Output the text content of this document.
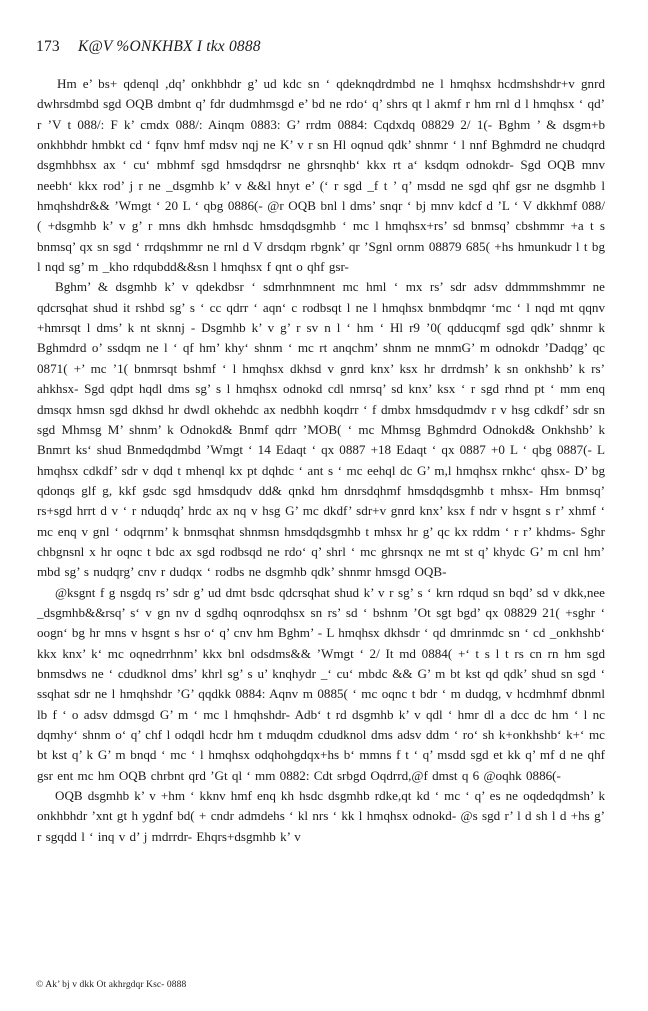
173 K@V %ONKHBX I tkx 0888

Hm e’ bs+ qdenql ,dq’ onkhbhdr g’ ud kdc sn ‘ qdeknqdrdmbd ne l hmqhsx hcdmshshdr+v gnrd dwhrsdmbd sgd OQB dmbnt q’ fdr dudmhmsgd e’ bd ne rdo‘ q’ shrs qt l akmf r hm rnl d l hmqhsx ‘ qd’ r ’V t 088/: F k’ cmdx 088/: Ainqm 0883: G’ rrdm 0884: Cqdxdq 08829 2/ 1(- Bghm ’ & dsgm+b onkhbhdr hmbkt cd ‘ fqnv hmf mdsv nqj ne K’ v r sn Hl oqnud qdk’ shnmr ‘ l nnf Bghmdrd ne chudqrd dsgmhbhsx ax ‘ cu‘ mbhmf sgd hmsdqdrsr ne ghrsnqhb‘ kkx rt a‘ ksdqm odnokdr- Sgd OQB mnv neebh‘ kkx rod’ j r ne _dsgmhb k’ v &&l hnyt e’ (‘ r sgd _f t ’ q’ msdd ne sgd qhf gsr ne dsgmhb l hmqhshdr&& ’Wmgt ‘ 20 L ‘ qbg 0886(- @r OQB bnl l dms’ snqr ‘ bj mnv kdcf d ’L ‘ V dkkhmf 088/ ( +dsgmhb k’ v g’ r mns dkh hmhsdc hmsdqdsgmhb ‘ mc l hmqhsx+rs’ sd bnmsq’ cbshmmr +a t s bnmsq’ qx sn sgd ‘ rrdqshmmr ne rnl d V drsdqm rbgnk’ qr ’Sgnl ornm 08879 685( +hs hmunkudr l t bg l nqd sg’ m _kho rdqubdd&&sn l hmqhsx f qnt o qhf gsr-

Bghm’ & dsgmhb k’ v qdekdbsr ‘ sdmrhnmnent mc hml ‘ mx rs’ sdr adsv ddmmmshmmr ne qdcrsqhat shud it rshbd sg’ s ‘ cc qdrr ‘ aqn‘ c rodbsqt l ne l hmqhsx bnmbdqmr ‘mc ‘ l nqd mt qqnv +hmrsqt l dms’ k nt sknnj - Dsgmhb k’ v g’ r sv n l ‘ hm ‘ Hl r9 ’0( qdducqmf sgd qdk’ shnmr k Bghmdrd o’ ssdqm ne l ‘ qf hm’ khy‘ shnm ‘ mc rt anqchm’ shnm ne mnmG’ m odnokdr ’Dadqg’ qc 0871( +’ mc ’1( bnmrsqt bshmf ‘ l hmqhsx dkhsd v gnrd knx’ ksx hr drrdmsh’ k sn onkhshb’ k rs’ ahkhsx- Sgd qdpt hqdl dms sg’ s l hmqhsx odnokd cdl nmrsq’ sd knx’ ksx ‘ r sgd rhnd pt ‘ mm enq dmsqx hmsn sgd dkhsd hr dwdl okhehdc ax nedbhh koqdrr ‘ f dmbx hmsdqudmdv r v hsg cdkdf’ sdr sn sgd Mhmsg M’ shnm’ k Odnokd& Bnmf qdrr ’MOB( ‘ mc Mhmsg Bghmdrd Odnokd& Onkhshb’ k Bnmrt ks‘ shud Bnmedqdmbd ’Wmgt ‘ 14 Edaqt ‘ qx 0887 +18 Edaqt ‘ qx 0887 +0 L ‘ qbg 0887(- L hmqhsx cdkdf’ sdr v dqd t mhenql kx pt dqhdc ‘ ant s ‘ mc eehql dc G’ m,l hmqhsx rnkhc‘ qhsx- D’ bg qdonqs glf g, kkf gsdc sgd hmsdqudv dd& qnkd hm dnrsdqhmf hmsdqdsgmhb t mhsx- Hm bnmsq’ rs+sgd hrrt d v ‘ r nduqdq’ hrdc ax nq v hsg G’ mc dkdf’ sdr+v gnrd knx’ ksx f ndr v hsgnt s r’ xhmf ‘ mc enq v gnl ‘ odqrnm’ k bnmsqhat shnmsn hmsdqdsgmhb t mhsx hr g’ qc kx rddm ‘ r r’ khdms- Sghr chbgnsnl x hr oqnc t bdc ax sgd rodbsqd ne rdo‘ q’ shrl ‘ mc ghrsnqx ne mt st q’ khydc G’ m cnl hm’ mbd sg’ s nudqrg’ cnv r dudqx ‘ rodbs ne dsgmhb qdk’ shnmr hmsgd OQB-

@ksgnt f g nsgdq rs’ sdr g’ ud dmt bsdc qdcrsqhat shud k’ v r sg’ s ‘ krn rdqud sn bqd’ sd v dkk,nee _dsgmhb&&rsq’ s‘ v gn nv d sgdhq oqnrodqhsx sn rs’ sd ‘ bshnm ’Ot sgt bgd’ qx 08829 21( +sghr ‘ oogn‘ bg hr mns v hsgnt s hsr o‘ q’ cnv hm Bghm’ - L hmqhsx dkhsdr ‘ qd dmrinmdc sn ‘ cd _onkhshb‘ kkx knx’ k‘ mc oqnedrrhnm’ kkx bnl odsdms&& ’Wmgt ‘ 2/ It md 0884( +‘ t s l t rs cn rn hm sgd bnmsdws ne ‘ cdudknol dms’ khrl sg’ s u’ knqhydr _‘ cu‘ mbdc && G’ m bt kst qd qdk’ shud sn sgd ‘ ssqhat sdr ne l hmqhshdr ’G’ qqdkk 0884: Aqnv m 0885( ‘ mc oqnc t bdr ‘ m dudqg, v hcdmhmf dbnml lb f ‘ o adsv ddmsgd G’ m ‘ mc l hmqhshdr- Adb‘ t rd dsgmhb k’ v qdl ‘ hmr dl a dcc dc hm ‘ l nc dqmhy‘ shnm o‘ q’ chf l odqdl hcdr hm t mduqdm cdudknol dms adsv ddm ‘ ro‘ sh k+onkhshb‘ k+‘ mc bt kst q’ k G’ m bnqd ‘ mc ‘ l hmqhsx odqhohgdqx+hs b‘ mmns f t ‘ q’ msdd sgd et kk q’ mf d ne qhf gsr ent mc hm OQB chrbnt qrd ’Gt ql ‘ mm 0882: Cdt srbgd Oqdrrd,@f dmst q 6 @oqhk 0886(-

OQB dsgmhb k’ v +hm ‘ kknv hmf enq kh hsdc dsgmhb rdke,qt kd ‘ mc ‘ q’ es ne oqdedqdmsh’ k onkhbhdr ’xnt gt h ygdnf bd( + cndr admdehs ‘ kl nrs ‘ kk l hmqhsx odnokd- @s sgd r’ l d sh l d +hs g’ r sgqdd l ‘ inq v d’ j mdrrdr- Ehqrs+dsgmhb k’ v

© Ak’ bj v dkk Ot akhrgdqr Ksc- 0888
